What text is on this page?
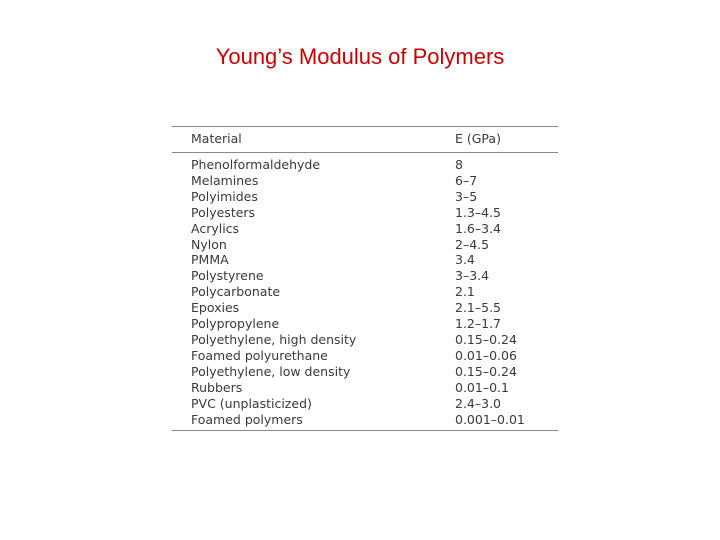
Young’s Modulus of Polymers
Material	E (GPa)
Phenolformaldehyde	8
Melamines	6–7
Polyimides	3–5
Polyesters	1.3–4.5
Acrylics	1.6–3.4
Nylon	2–4.5
PMMA	3.4
Polystyrene	3–3.4
Polycarbonate	2.1
Epoxies	2.1–5.5
Polypropylene	1.2–1.7
Polyethylene, high density	0.15–0.24
Foamed polyurethane	0.01–0.06
Polyethylene, low density	0.15–0.24
Rubbers	0.01–0.1
PVC (unplasticized)	2.4–3.0
Foamed polymers	0.001–0.01
